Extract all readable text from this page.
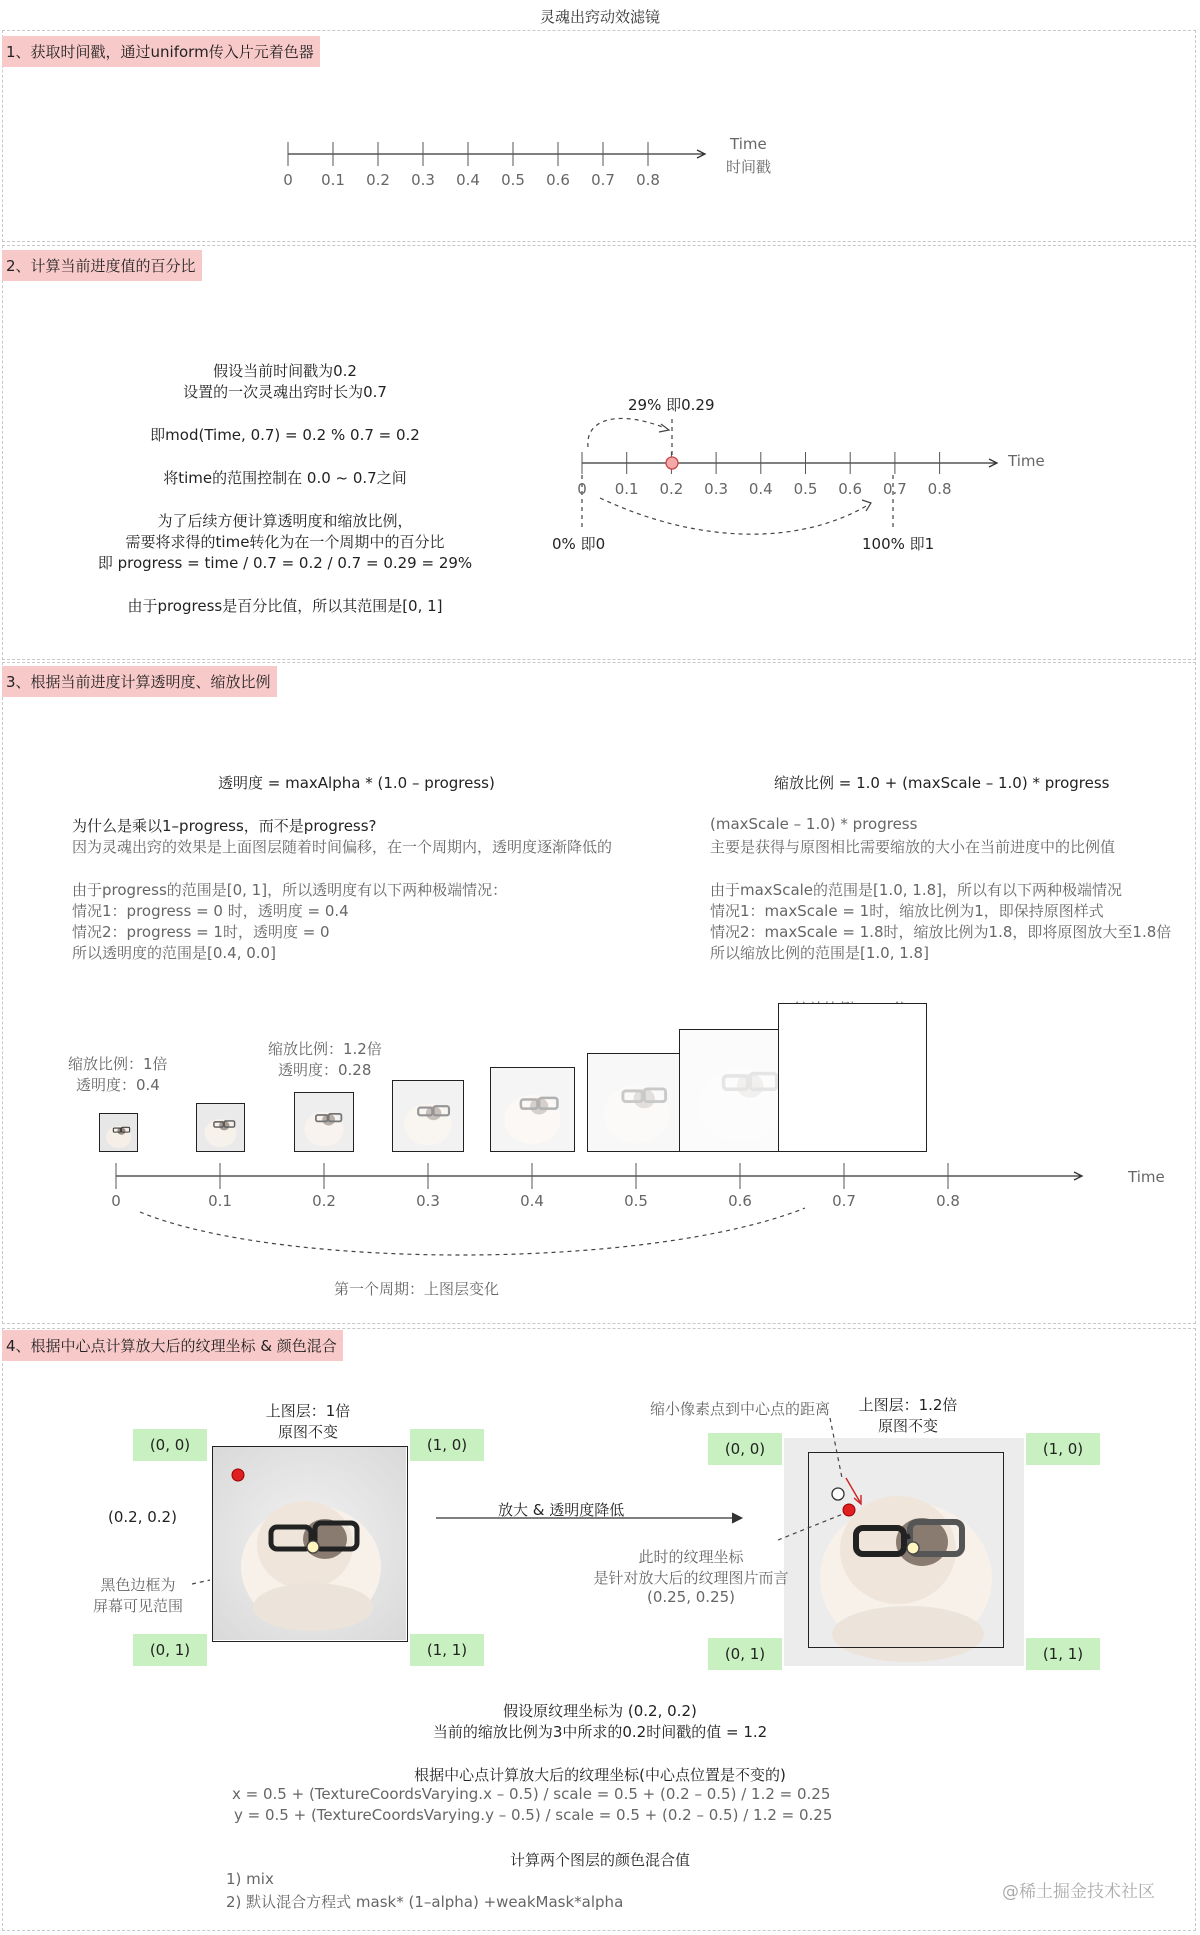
灵魂出窍动效滤镜
1、获取时间戳，通过uniform传入片元着色器
Time
时间戳
0	0.1	0.2	0.3	0.4	0.5	0.6	0.7	0.8
2、计算当前进度值的百分比
假设当前时间戳为0.2
设置的一次灵魂出窍时长为0.7
即mod(Time, 0.7) = 0.2 % 0.7 = 0.2
将time的范围控制在 0.0 ~ 0.7之间
为了后续方便计算透明度和缩放比例，
需要将求得的time转化为在一个周期中的百分比
即 progress = time / 0.7 = 0.2 / 0.7 = 0.29 = 29%
由于progress是百分比值，所以其范围是[0, 1]
29% 即0.29
0% 即0	100% 即1
Time
0	0.1	0.2	0.3	0.4	0.5	0.6	0.7	0.8
3、根据当前进度计算透明度、缩放比例
透明度 = maxAlpha * (1.0 – progress)
为什么是乘以1–progress，而不是progress?
因为灵魂出窍的效果是上面图层随着时间偏移，在一个周期内，透明度逐渐降低的
由于progress的范围是[0, 1]，所以透明度有以下两种极端情况：
情况1：progress = 0 时，透明度 = 0.4
情况2：progress = 1时，透明度 = 0
所以透明度的范围是[0.4, 0.0]
缩放比例 = 1.0 + (maxScale – 1.0) * progress
(maxScale – 1.0) * progress
主要是获得与原图相比需要缩放的大小在当前进度中的比例值
由于maxScale的范围是[1.0, 1.8]，所以有以下两种极端情况
情况1：maxScale = 1时，缩放比例为1，即保持原图样式
情况2：maxScale = 1.8时，缩放比例为1.8，即将原图放大至1.8倍
所以缩放比例的范围是[1.0, 1.8]
缩放比例：1倍
透明度：0.4
缩放比例：1.2倍
透明度：0.28
Time
第一个周期：上图层变化
0	0.1	0.2	0.3	0.4	0.5	0.6	0.7	0.8
4、根据中心点计算放大后的纹理坐标 & 颜色混合
上图层：1倍
原图不变
(0, 0)	(1, 0)
(0, 1)	(1, 1)
(0.2, 0.2)
黑色边框为
屏幕可见范围
放大 & 透明度降低
上图层：1.2倍
原图不变
缩小像素点到中心点的距离
(0, 0)	(1, 0)
(0, 1)	(1, 1)
此时的纹理坐标
是针对放大后的纹理图片而言
(0.25, 0.25)
假设原纹理坐标为 (0.2, 0.2)
当前的缩放比例为3中所求的0.2时间戳的值 = 1.2
根据中心点计算放大后的纹理坐标(中心点位置是不变的)
x = 0.5 + (TextureCoordsVarying.x – 0.5) / scale = 0.5 + (0.2 – 0.5) / 1.2 = 0.25
y = 0.5 + (TextureCoordsVarying.y – 0.5) / scale = 0.5 + (0.2 – 0.5) / 1.2 = 0.25
计算两个图层的颜色混合值
1) mix
2) 默认混合方程式 mask* (1–alpha) +weakMask*alpha	@稀土掘金技术社区
